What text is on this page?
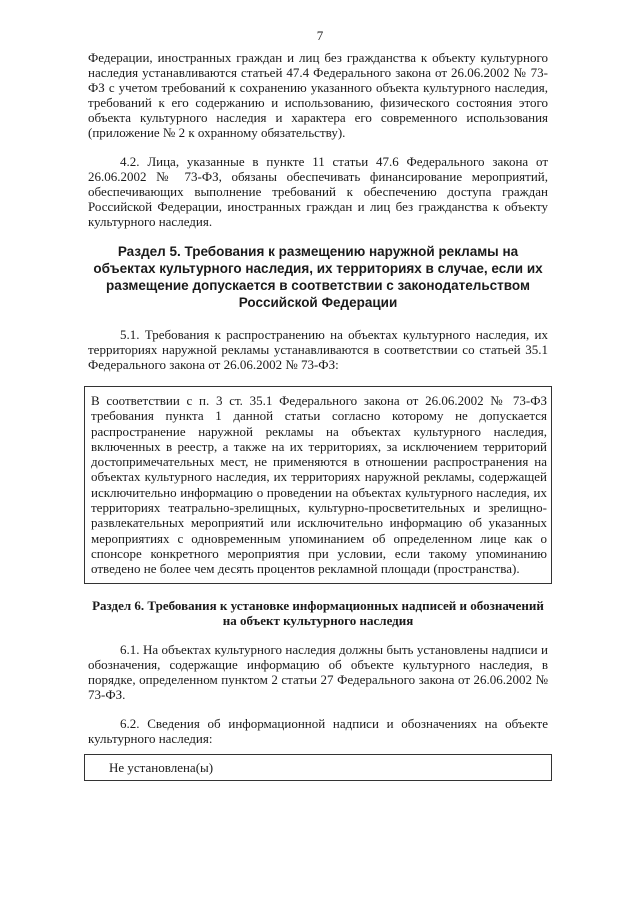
7

Федерации, иностранных граждан и лиц без гражданства к объекту культурного наследия устанавливаются статьей 47.4 Федерального закона от 26.06.2002 № 73-ФЗ с учетом требований к сохранению указанного объекта культурного наследия, требований к его содержанию и использованию, физического состояния этого объекта культурного наследия и характера его современного использования (приложение № 2 к охранному обязательству).

4.2. Лица, указанные в пункте 11 статьи 47.6 Федерального закона от 26.06.2002 № 73-ФЗ, обязаны обеспечивать финансирование мероприятий, обеспечивающих выполнение требований к обеспечению доступа граждан Российской Федерации, иностранных граждан и лиц без гражданства к объекту культурного наследия.

Раздел 5. Требования к размещению наружной рекламы на объектах культурного наследия, их территориях в случае, если их размещение допускается в соответствии с законодательством Российской Федерации

5.1. Требования к распространению на объектах культурного наследия, их территориях наружной рекламы устанавливаются в соответствии со статьей 35.1 Федерального закона от 26.06.2002 № 73-ФЗ:

В соответствии с п. 3 ст. 35.1 Федерального закона от 26.06.2002 № 73-ФЗ требования пункта 1 данной статьи согласно которому не допускается распространение наружной рекламы на объектах культурного наследия, включенных в реестр, а также на их территориях, за исключением территорий достопримечательных мест, не применяются в отношении распространения на объектах культурного наследия, их территориях наружной рекламы, содержащей исключительно информацию о проведении на объектах культурного наследия, их территориях театрально-зрелищных, культурно-просветительных и зрелищно-развлекательных мероприятий или исключительно информацию об указанных мероприятиях с одновременным упоминанием об определенном лице как о спонсоре конкретного мероприятия при условии, если такому упоминанию отведено не более чем десять процентов рекламной площади (пространства).
Раздел 6. Требования к установке информационных надписей и обозначений на объект культурного наследия

6.1. На объектах культурного наследия должны быть установлены надписи и обозначения, содержащие информацию об объекте культурного наследия, в порядке, определенном пунктом 2 статьи 27 Федерального закона от 26.06.2002 № 73-ФЗ.

6.2. Сведения об информационной надписи и обозначениях на объекте культурного наследия:

Не установлена(ы)
